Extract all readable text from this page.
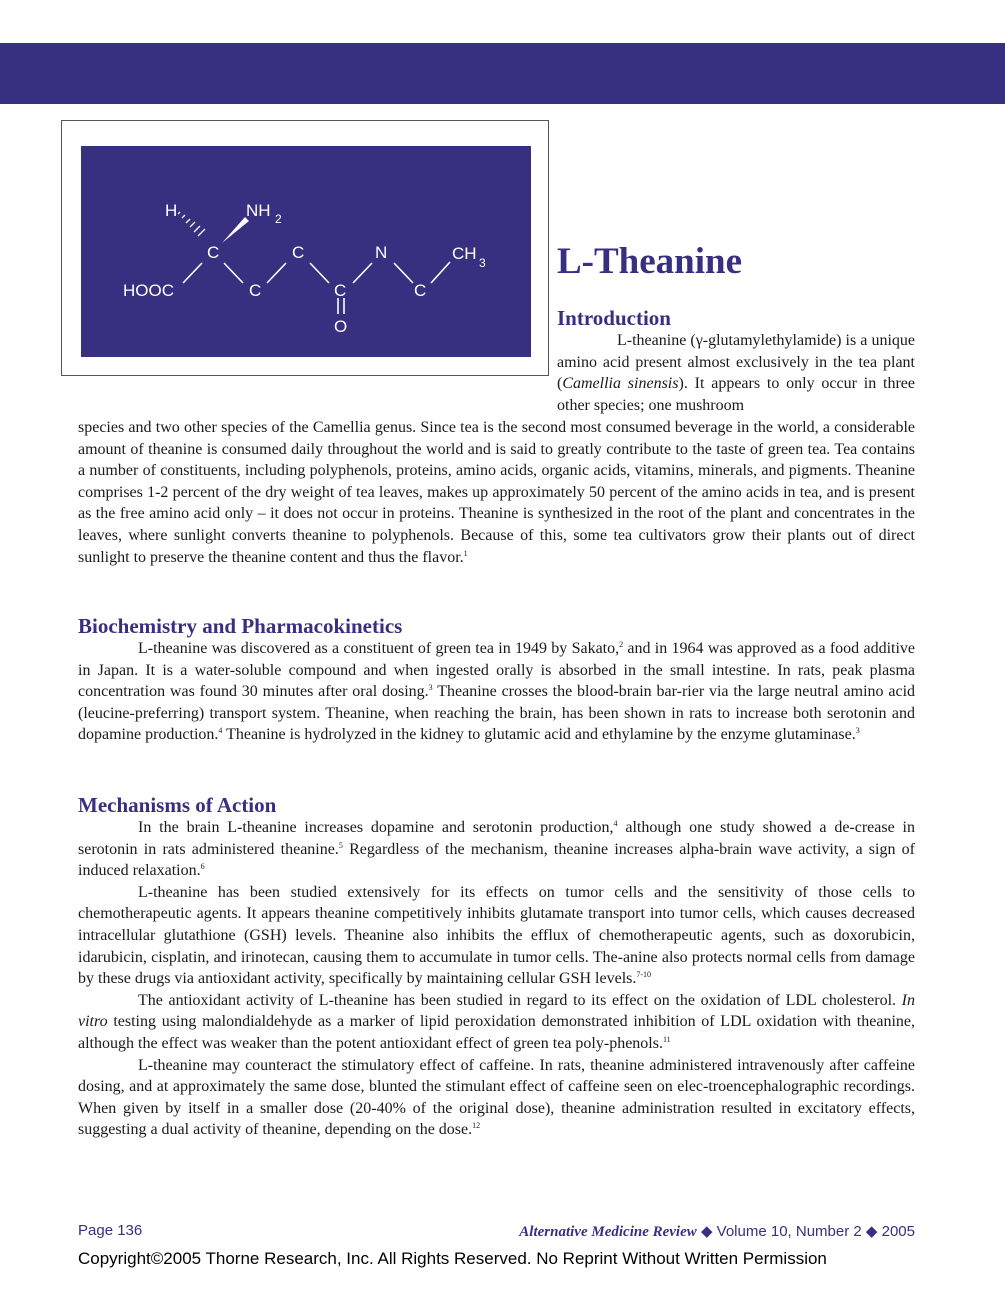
H	NH 2
C	C	N	CH 3
HOOC	C	C	C
O
L-Theanine
Introduction

L-theanine (γ-glutamylethylamide) is a unique amino acid present almost exclusively in the tea plant (Camellia sinensis). It appears to only occur in three other species; one mushroom

species and two other species of the Camellia genus. Since tea is the second most consumed beverage in the world, a considerable amount of theanine is consumed daily throughout the world and is said to greatly contribute to the taste of green tea. Tea contains a number of constituents, including polyphenols, proteins, amino acids, organic acids, vitamins, minerals, and pigments. Theanine comprises 1-2 percent of the dry weight of tea leaves, makes up approximately 50 percent of the amino acids in tea, and is present as the free amino acid only – it does not occur in proteins. Theanine is synthesized in the root of the plant and concentrates in the leaves, where sunlight converts theanine to polyphenols. Because of this, some tea cultivators grow their plants out of direct sunlight to preserve the theanine content and thus the flavor.$^1$

Biochemistry and Pharmacokinetics

L-theanine was discovered as a constituent of green tea in 1949 by Sakato,$^2$ and in 1964 was approved as a food additive in Japan. It is a water-soluble compound and when ingested orally is absorbed in the small intestine. In rats, peak plasma concentration was found 30 minutes after oral dosing.$^3$ Theanine crosses the blood-brain bar-rier via the large neutral amino acid (leucine-preferring) transport system. Theanine, when reaching the brain, has been shown in rats to increase both serotonin and dopamine production.$^4$ Theanine is hydrolyzed in the kidney to glutamic acid and ethylamine by the enzyme glutaminase.$^3$

Mechanisms of Action

In the brain L-theanine increases dopamine and serotonin production,$^4$ although one study showed a de-crease in serotonin in rats administered theanine.$^5$ Regardless of the mechanism, theanine increases alpha-brain wave activity, a sign of induced relaxation.$^6$

L-theanine has been studied extensively for its effects on tumor cells and the sensitivity of those cells to chemotherapeutic agents. It appears theanine competitively inhibits glutamate transport into tumor cells, which causes decreased intracellular glutathione (GSH) levels. Theanine also inhibits the efflux of chemotherapeutic agents, such as doxorubicin, idarubicin, cisplatin, and irinotecan, causing them to accumulate in tumor cells. The-anine also protects normal cells from damage by these drugs via antioxidant activity, specifically by maintaining cellular GSH levels.$^{7-10}$

The antioxidant activity of L-theanine has been studied in regard to its effect on the oxidation of LDL cholesterol. In vitro testing using malondialdehyde as a marker of lipid peroxidation demonstrated inhibition of LDL oxidation with theanine, although the effect was weaker than the potent antioxidant effect of green tea poly-phenols.$^{11}$

L-theanine may counteract the stimulatory effect of caffeine. In rats, theanine administered intravenously after caffeine dosing, and at approximately the same dose, blunted the stimulant effect of caffeine seen on elec-troencephalographic recordings. When given by itself in a smaller dose (20-40% of the original dose), theanine administration resulted in excitatory effects, suggesting a dual activity of theanine, depending on the dose.$^{12}$

Page 136	Alternative Medicine Review ◆ Volume 10, Number 2 ◆ 2005

Copyright©2005 Thorne Research, Inc. All Rights Reserved. No Reprint Without Written Permission
